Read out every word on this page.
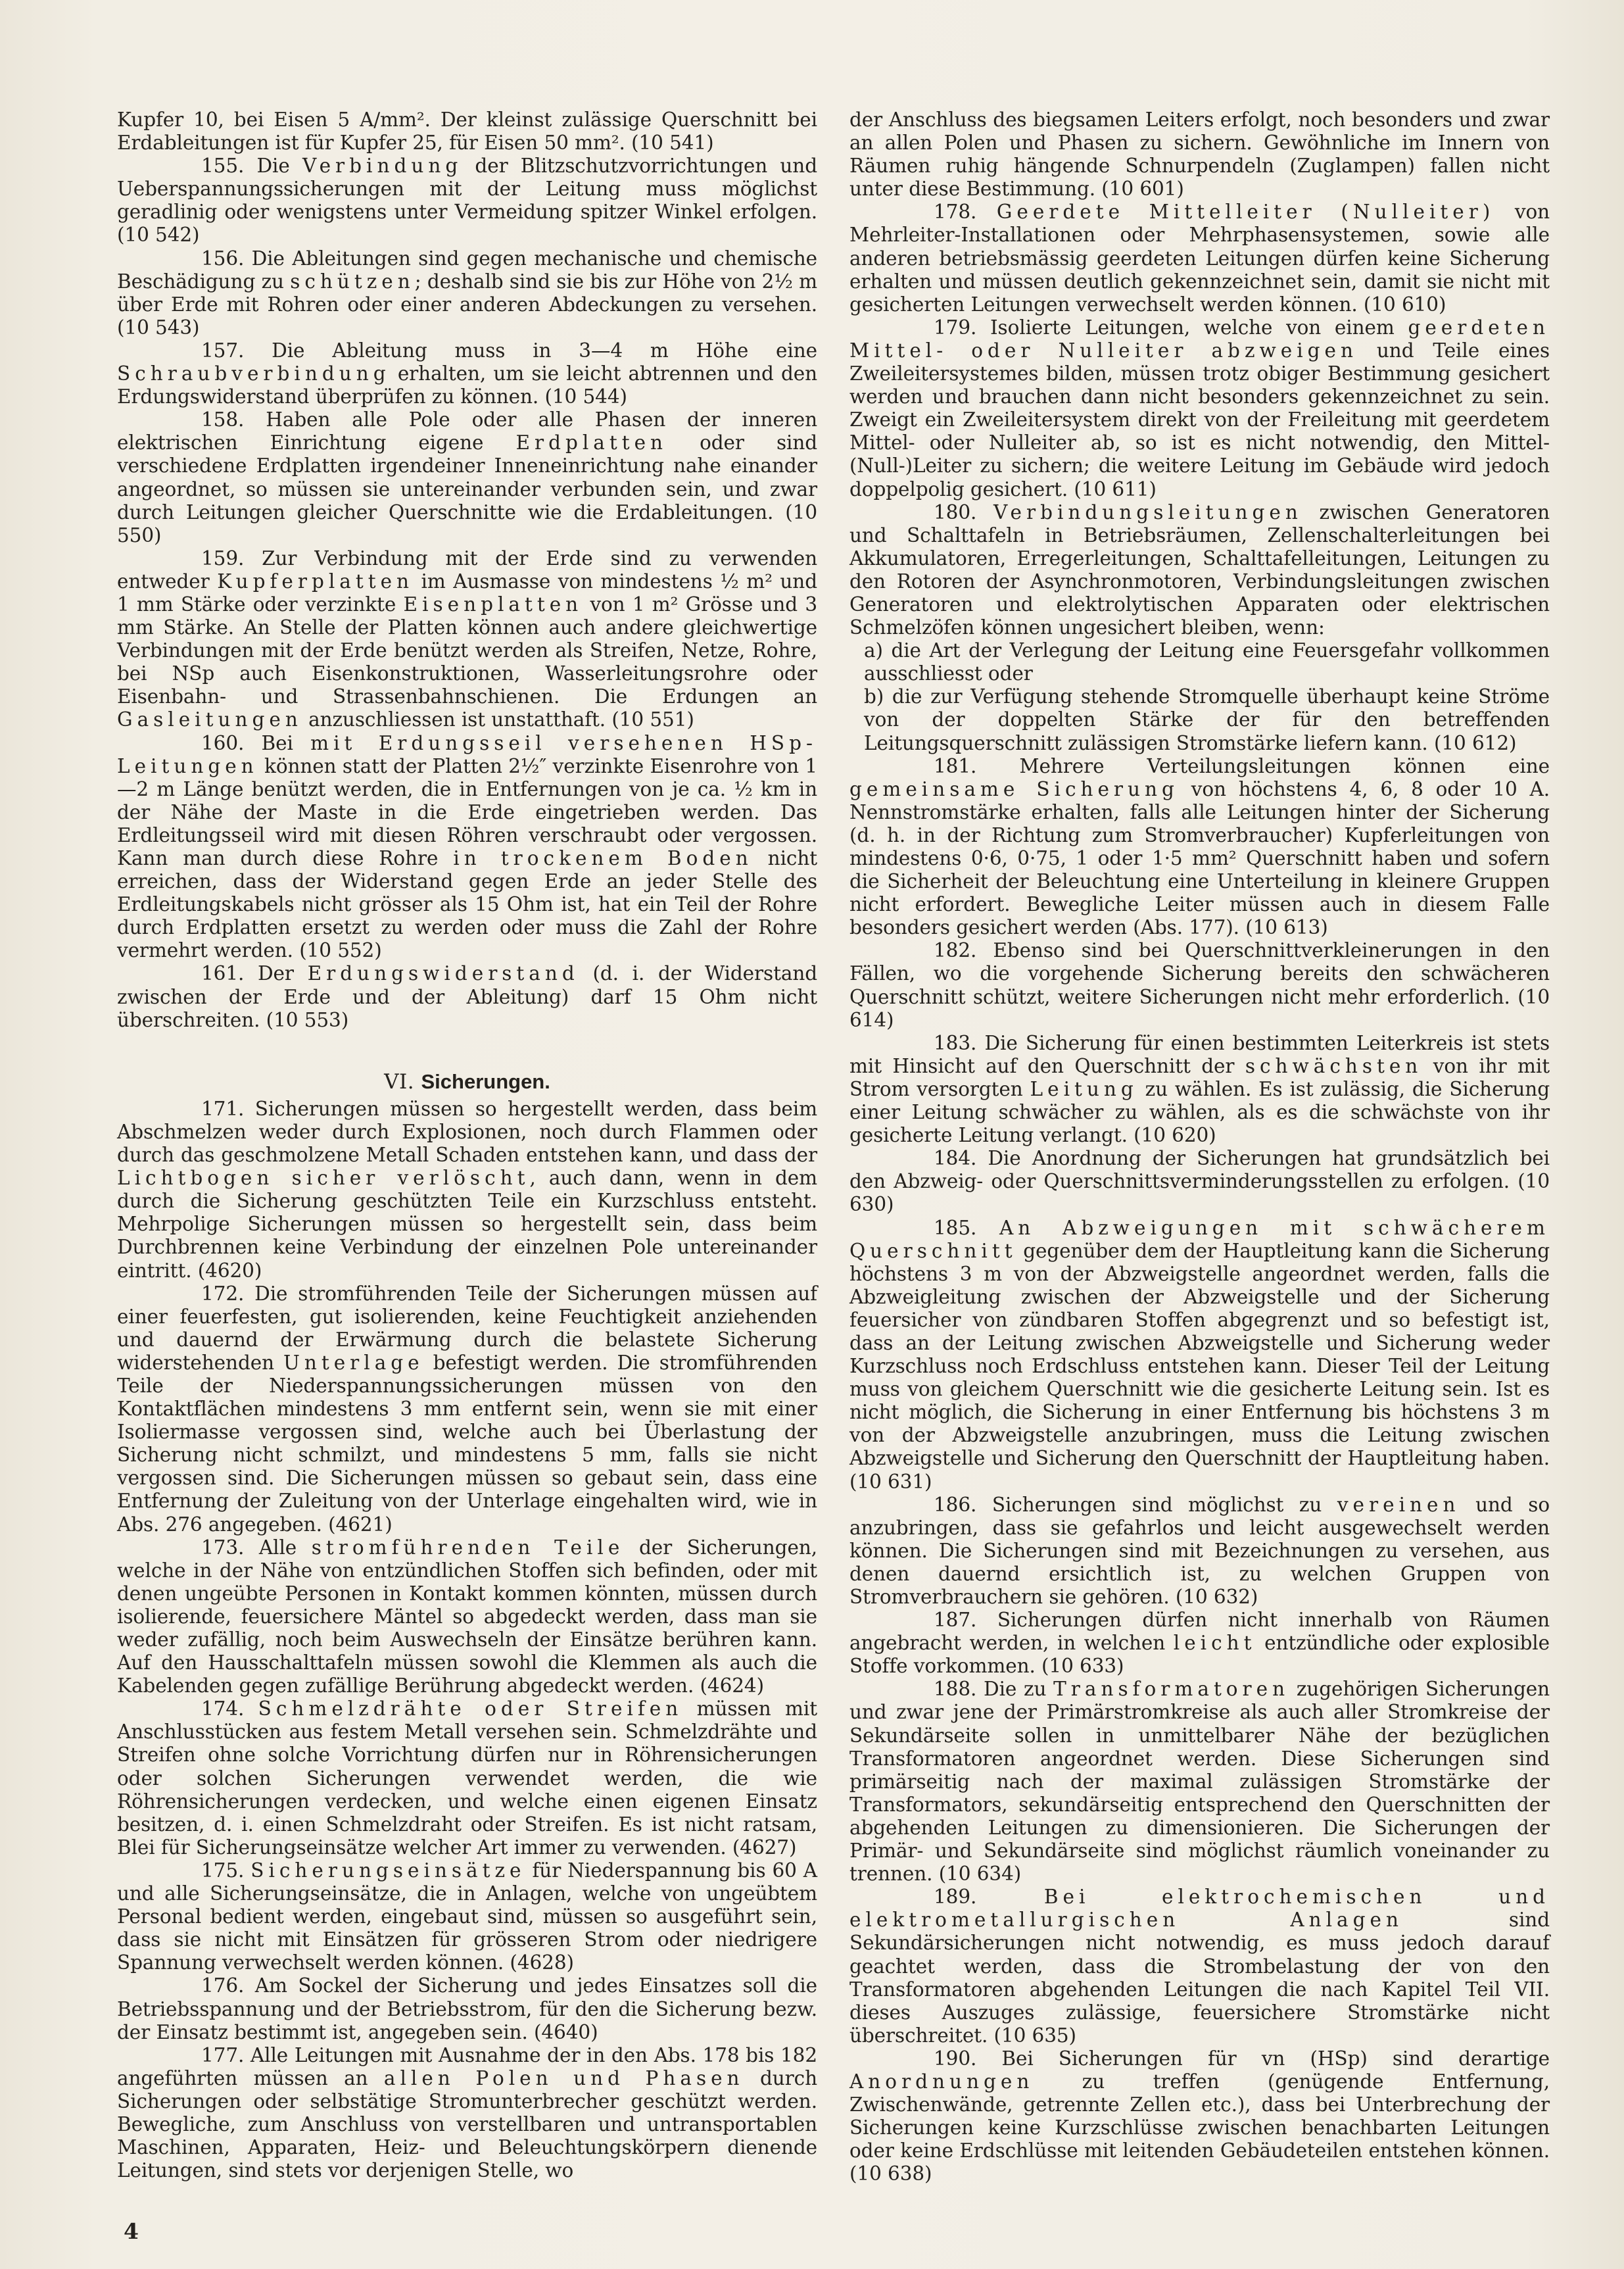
Kupfer 10, bei Eisen 5 A/mm². Der kleinst zulässige Querschnitt bei Erdableitungen ist für Kupfer 25, für Eisen 50 mm². (10 541)

155. Die Verbindung der Blitzschutzvorrichtungen und Ueberspannungssicherungen mit der Leitung muss möglichst geradlinig oder wenigstens unter Vermeidung spitzer Winkel erfolgen. (10 542)

156. Die Ableitungen sind gegen mechanische und chemische Beschädigung zu schützen; deshalb sind sie bis zur Höhe von 2½ m über Erde mit Rohren oder einer anderen Abdeckungen zu versehen. (10 543)

157. Die Ableitung muss in 3—4 m Höhe eine Schraubverbindung erhalten, um sie leicht abtrennen und den Erdungswiderstand überprüfen zu können. (10 544)

158. Haben alle Pole oder alle Phasen der inneren elektrischen Einrichtung eigene Erdplatten oder sind verschiedene Erdplatten irgendeiner Inneneinrichtung nahe einander angeordnet, so müssen sie untereinander verbunden sein, und zwar durch Leitungen gleicher Querschnitte wie die Erdableitungen. (10 550)

159. Zur Verbindung mit der Erde sind zu verwenden entweder Kupferplatten im Ausmasse von mindestens ½ m² und 1 mm Stärke oder verzinkte Eisenplatten von 1 m² Grösse und 3 mm Stärke. An Stelle der Platten können auch andere gleichwertige Verbindungen mit der Erde benützt werden als Streifen, Netze, Rohre, bei NSp auch Eisenkonstruktionen, Wasserleitungsrohre oder Eisenbahn- und Strassenbahnschienen. Die Erdungen an Gasleitungen anzuschliessen ist unstatthaft. (10 551)

160. Bei mit Erdungsseil versehenen HSp-Leitungen können statt der Platten 2½″ verzinkte Eisenrohre von 1—2 m Länge benützt werden, die in Entfernungen von je ca. ½ km in der Nähe der Maste in die Erde eingetrieben werden. Das Erdleitungsseil wird mit diesen Röhren verschraubt oder vergossen. Kann man durch diese Rohre in trockenem Boden nicht erreichen, dass der Widerstand gegen Erde an jeder Stelle des Erdleitungskabels nicht grösser als 15 Ohm ist, hat ein Teil der Rohre durch Erdplatten ersetzt zu werden oder muss die Zahl der Rohre vermehrt werden. (10 552)

161. Der Erdungswiderstand (d. i. der Widerstand zwischen der Erde und der Ableitung) darf 15 Ohm nicht überschreiten. (10 553)

VI. Sicherungen.

171. Sicherungen müssen so hergestellt werden, dass beim Abschmelzen weder durch Explosionen, noch durch Flammen oder durch das geschmolzene Metall Schaden entstehen kann, und dass der Lichtbogen sicher verlöscht, auch dann, wenn in dem durch die Sicherung geschützten Teile ein Kurzschluss entsteht. Mehrpolige Sicherungen müssen so hergestellt sein, dass beim Durchbrennen keine Verbindung der einzelnen Pole untereinander eintritt. (4620)

172. Die stromführenden Teile der Sicherungen müssen auf einer feuerfesten, gut isolierenden, keine Feuchtigkeit anziehenden und dauernd der Erwärmung durch die belastete Sicherung widerstehenden Unterlage befestigt werden. Die stromführenden Teile der Niederspannungssicherungen müssen von den Kontaktflächen mindestens 3 mm entfernt sein, wenn sie mit einer Isoliermasse vergossen sind, welche auch bei Überlastung der Sicherung nicht schmilzt, und mindestens 5 mm, falls sie nicht vergossen sind. Die Sicherungen müssen so gebaut sein, dass eine Entfernung der Zuleitung von der Unterlage eingehalten wird, wie in Abs. 276 angegeben. (4621)

173. Alle stromführenden Teile der Sicherungen, welche in der Nähe von entzündlichen Stoffen sich befinden, oder mit denen ungeübte Personen in Kontakt kommen könnten, müssen durch isolierende, feuersichere Mäntel so abgedeckt werden, dass man sie weder zufällig, noch beim Auswechseln der Einsätze berühren kann. Auf den Hausschalttafeln müssen sowohl die Klemmen als auch die Kabelenden gegen zufällige Berührung abgedeckt werden. (4624)

174. Schmelzdrähte oder Streifen müssen mit Anschlusstücken aus festem Metall versehen sein. Schmelzdrähte und Streifen ohne solche Vorrichtung dürfen nur in Röhrensicherungen oder solchen Sicherungen verwendet werden, die wie Röhrensicherungen verdecken, und welche einen eigenen Einsatz besitzen, d. i. einen Schmelzdraht oder Streifen. Es ist nicht ratsam, Blei für Sicherungseinsätze welcher Art immer zu verwenden. (4627)

175. Sicherungseinsätze für Niederspannung bis 60 A und alle Sicherungseinsätze, die in Anlagen, welche von ungeübtem Personal bedient werden, eingebaut sind, müssen so ausgeführt sein, dass sie nicht mit Einsätzen für grösseren Strom oder niedrigere Spannung verwechselt werden können. (4628)

176. Am Sockel der Sicherung und jedes Einsatzes soll die Betriebsspannung und der Betriebsstrom, für den die Sicherung bezw. der Einsatz bestimmt ist, angegeben sein. (4640)

177. Alle Leitungen mit Ausnahme der in den Abs. 178 bis 182 angeführten müssen an allen Polen und Phasen durch Sicherungen oder selbstätige Stromunterbrecher geschützt werden. Bewegliche, zum Anschluss von verstellbaren und untransportablen Maschinen, Apparaten, Heiz- und Beleuchtungskörpern dienende Leitungen, sind stets vor derjenigen Stelle, wo

der Anschluss des biegsamen Leiters erfolgt, noch besonders und zwar an allen Polen und Phasen zu sichern. Gewöhnliche im Innern von Räumen ruhig hängende Schnurpendeln (Zuglampen) fallen nicht unter diese Bestimmung. (10 601)

178. Geerdete Mittelleiter (Nulleiter) von Mehrleiter-Installationen oder Mehrphasensystemen, sowie alle anderen betriebsmässig geerdeten Leitungen dürfen keine Sicherung erhalten und müssen deutlich gekennzeichnet sein, damit sie nicht mit gesicherten Leitungen verwechselt werden können. (10 610)

179. Isolierte Leitungen, welche von einem geerdeten Mittel- oder Nulleiter abzweigen und Teile eines Zweileitersystemes bilden, müssen trotz obiger Bestimmung gesichert werden und brauchen dann nicht besonders gekennzeichnet zu sein. Zweigt ein Zweileitersystem direkt von der Freileitung mit geerdetem Mittel- oder Nulleiter ab, so ist es nicht notwendig, den Mittel-(Null-)Leiter zu sichern; die weitere Leitung im Gebäude wird jedoch doppelpolig gesichert. (10 611)

180. Verbindungsleitungen zwischen Generatoren und Schalttafeln in Betriebsräumen, Zellenschalterleitungen bei Akkumulatoren, Erregerleitungen, Schalttafelleitungen, Leitungen zu den Rotoren der Asynchronmotoren, Verbindungsleitungen zwischen Generatoren und elektrolytischen Apparaten oder elektrischen Schmelzöfen können ungesichert bleiben, wenn:

a) die Art der Verlegung der Leitung eine Feuersgefahr vollkommen ausschliesst oder

b) die zur Verfügung stehende Stromquelle überhaupt keine Ströme von der doppelten Stärke der für den betreffenden Leitungsquerschnitt zulässigen Stromstärke liefern kann. (10 612)

181. Mehrere Verteilungsleitungen können eine gemeinsame Sicherung von höchstens 4, 6, 8 oder 10 A. Nennstromstärke erhalten, falls alle Leitungen hinter der Sicherung (d. h. in der Richtung zum Stromverbraucher) Kupferleitungen von mindestens 0·6, 0·75, 1 oder 1·5 mm² Querschnitt haben und sofern die Sicherheit der Beleuchtung eine Unterteilung in kleinere Gruppen nicht erfordert. Bewegliche Leiter müssen auch in diesem Falle besonders gesichert werden (Abs. 177). (10 613)

182. Ebenso sind bei Querschnittverkleinerungen in den Fällen, wo die vorgehende Sicherung bereits den schwächeren Querschnitt schützt, weitere Sicherungen nicht mehr erforderlich. (10 614)

183. Die Sicherung für einen bestimmten Leiterkreis ist stets mit Hinsicht auf den Querschnitt der schwächsten von ihr mit Strom versorgten Leitung zu wählen. Es ist zulässig, die Sicherung einer Leitung schwächer zu wählen, als es die schwächste von ihr gesicherte Leitung verlangt. (10 620)

184. Die Anordnung der Sicherungen hat grundsätzlich bei den Abzweig- oder Querschnittsverminderungsstellen zu erfolgen. (10 630)

185. An Abzweigungen mit schwächerem Querschnitt gegenüber dem der Hauptleitung kann die Sicherung höchstens 3 m von der Abzweigstelle angeordnet werden, falls die Abzweigleitung zwischen der Abzweigstelle und der Sicherung feuersicher von zündbaren Stoffen abgegrenzt und so befestigt ist, dass an der Leitung zwischen Abzweigstelle und Sicherung weder Kurzschluss noch Erdschluss entstehen kann. Dieser Teil der Leitung muss von gleichem Querschnitt wie die gesicherte Leitung sein. Ist es nicht möglich, die Sicherung in einer Entfernung bis höchstens 3 m von der Abzweigstelle anzubringen, muss die Leitung zwischen Abzweigstelle und Sicherung den Querschnitt der Hauptleitung haben. (10 631)

186. Sicherungen sind möglichst zu vereinen und so anzubringen, dass sie gefahrlos und leicht ausgewechselt werden können. Die Sicherungen sind mit Bezeichnungen zu versehen, aus denen dauernd ersichtlich ist, zu welchen Gruppen von Stromverbrauchern sie gehören. (10 632)

187. Sicherungen dürfen nicht innerhalb von Räumen angebracht werden, in welchen leicht entzündliche oder explosible Stoffe vorkommen. (10 633)

188. Die zu Transformatoren zugehörigen Sicherungen und zwar jene der Primärstromkreise als auch aller Stromkreise der Sekundärseite sollen in unmittelbarer Nähe der bezüglichen Transformatoren angeordnet werden. Diese Sicherungen sind primärseitig nach der maximal zulässigen Stromstärke der Transformators, sekundärseitig entsprechend den Querschnitten der abgehenden Leitungen zu dimensionieren. Die Sicherungen der Primär- und Sekundärseite sind möglichst räumlich voneinander zu trennen. (10 634)

189. Bei elektrochemischen und elektrometallurgischen Anlagen sind Sekundärsicherungen nicht notwendig, es muss jedoch darauf geachtet werden, dass die Strombelastung der von den Transformatoren abgehenden Leitungen die nach Kapitel Teil VII. dieses Auszuges zulässige, feuersichere Stromstärke nicht überschreitet. (10 635)

190. Bei Sicherungen für vn (HSp) sind derartige Anordnungen zu treffen (genügende Entfernung, Zwischenwände, getrennte Zellen etc.), dass bei Unterbrechung der Sicherungen keine Kurzschlüsse zwischen benachbarten Leitungen oder keine Erdschlüsse mit leitenden Gebäudeteilen entstehen können. (10 638)

4
